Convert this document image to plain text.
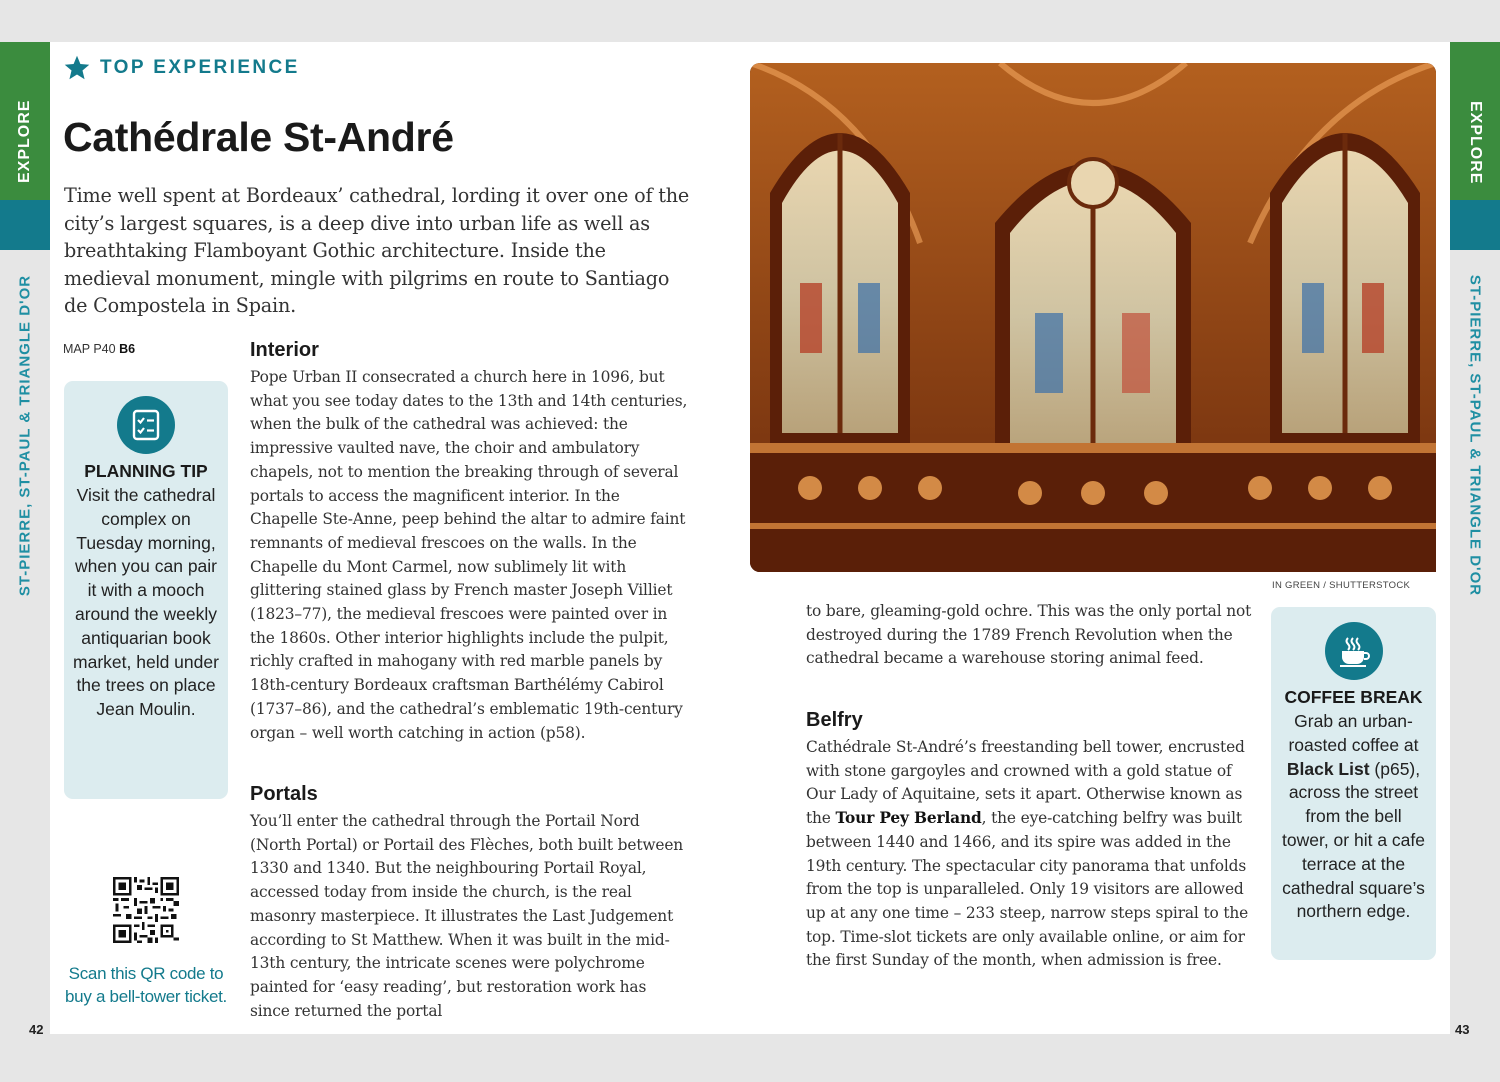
EXPLORE
ST-PIERRE, ST-PAUL & TRIANGLE D'OR
EXPLORE
ST-PIERRE, ST-PAUL & TRIANGLE D'OR
42	43
TOP EXPERIENCE
Cathédrale St-André

Time well spent at Bordeaux’ cathedral, lording it over one of the city’s largest squares, is a deep dive into urban life as well as breathtaking Flamboyant Gothic architecture. Inside the medieval monument, mingle with pilgrims en route to Santiago de Compostela in Spain.

MAP P40 B6
PLANNING TIP
Visit the cathedral complex on Tuesday morning, when you can pair it with a mooch around the weekly antiquarian book market, held under the trees on place Jean Moulin.
Scan this QR code to buy a bell-tower ticket.
Interior

Pope Urban II consecrated a church here in 1096, but what you see today dates to the 13th and 14th centuries, when the bulk of the cathedral was achieved: the impressive vaulted nave, the choir and ambulatory chapels, not to mention the breaking through of several portals to access the magnificent interior. In the Chapelle Ste-Anne, peep behind the altar to admire faint remnants of medieval frescoes on the walls. In the Chapelle du Mont Carmel, now sublimely lit with glittering stained glass by French master Joseph Villiet (1823–77), the medieval frescoes were painted over in the 1860s. Other interior highlights include the pulpit, richly crafted in mahogany with red marble panels by 18th-century Bordeaux craftsman Barthélémy Cabirol (1737–86), and the cathedral’s emblematic 19th-century organ – well worth catching in action (p58).

Portals

You’ll enter the cathedral through the Portail Nord (North Portal) or Portail des Flèches, both built between 1330 and 1340. But the neighbouring Portail Royal, accessed today from inside the church, is the real masonry masterpiece. It illustrates the Last Judgement according to St Matthew. When it was built in the mid-13th century, the intricate scenes were polychrome painted for ‘easy reading’, but restoration work has since returned the portal

IN GREEN / SHUTTERSTOCK

to bare, gleaming-gold ochre. This was the only portal not destroyed during the 1789 French Revolution when the cathedral became a warehouse storing animal feed.

Belfry

Cathédrale St-André’s freestanding bell tower, encrusted with stone gargoyles and crowned with a gold statue of Our Lady of Aquitaine, sets it apart. Otherwise known as the Tour Pey Berland, the eye-catching belfry was built between 1440 and 1466, and its spire was added in the 19th century. The spectacular city panorama that unfolds from the top is unparalleled. Only 19 visitors are allowed up at any one time – 233 steep, narrow steps spiral to the top. Time-slot tickets are only available online, or aim for the first Sunday of the month, when admission is free.

COFFEE BREAK
Grab an urban-roasted coffee at Black List (p65), across the street from the bell tower, or hit a cafe terrace at the cathedral square’s northern edge.
